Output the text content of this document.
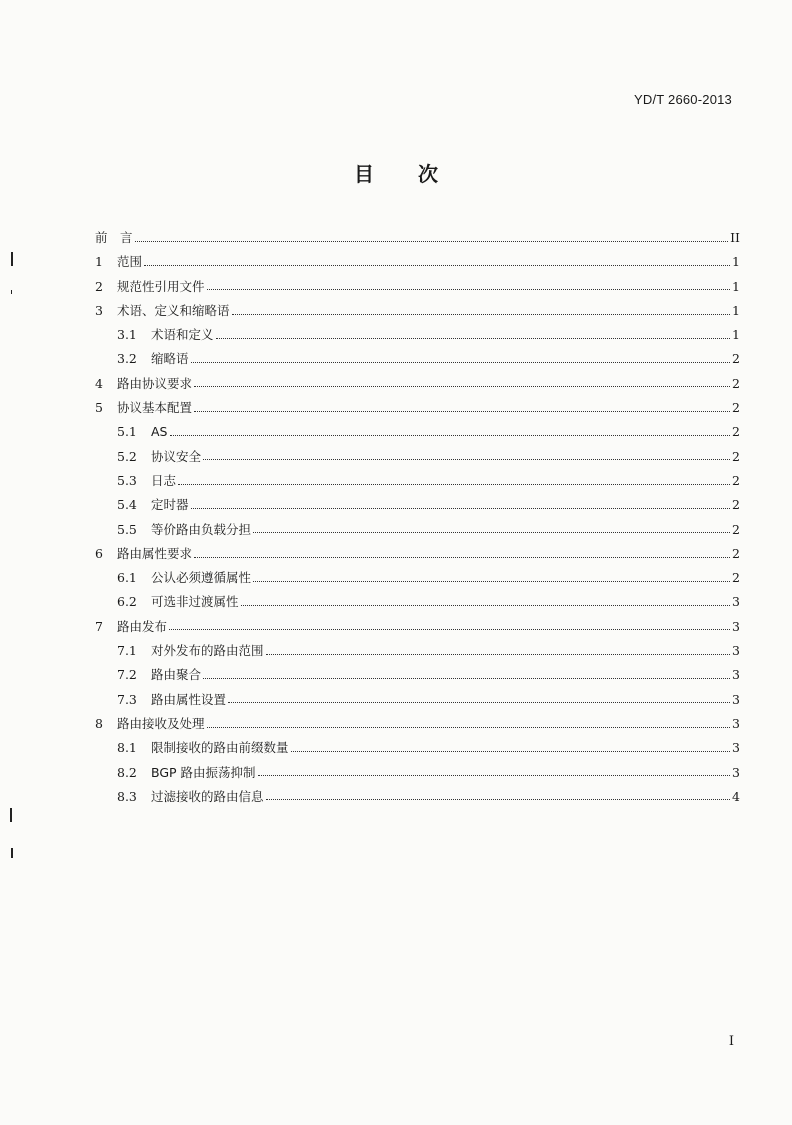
YD/T 2660-2013
目 次
前　言	II
1	范围	1
2	规范性引用文件	1
3	术语、定义和缩略语	1
3.1	术语和定义	1
3.2	缩略语	2
4	路由协议要求	2
5	协议基本配置	2
5.1	AS	2
5.2	协议安全	2
5.3	日志	2
5.4	定时器	2
5.5	等价路由负载分担	2
6	路由属性要求	2
6.1	公认必须遵循属性	2
6.2	可选非过渡属性	3
7	路由发布	3
7.1	对外发布的路由范围	3
7.2	路由聚合	3
7.3	路由属性设置	3
8	路由接收及处理	3
8.1	限制接收的路由前缀数量	3
8.2	BGP 路由振荡抑制	3
8.3	过滤接收的路由信息	4
I
